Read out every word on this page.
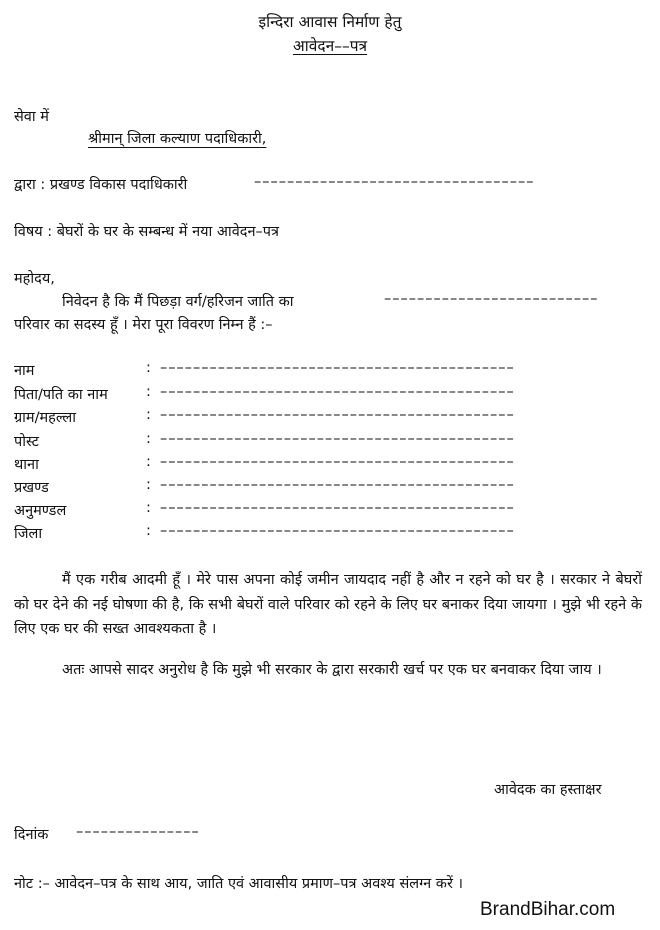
इन्दिरा आवास निर्माण हेतु
आवेदन––पत्र
सेवा में
श्रीमान् जिला कल्याण पदाधिकारी,
द्वारा : प्रखण्ड विकास पदाधिकारी	––––––––––––––––––––––––––––––––––
विषय : बेघरों के घर के सम्बन्ध में नया आवेदन–पत्र
महोदय,
निवेदन है कि मैं पिछड़ा वर्ग/हरिजन जाति का	––––––––––––––––––––––––––
परिवार का सदस्य हूँ । मेरा पूरा विवरण निम्न हैं :–
नाम	: –––––––––––––––––––––––––––––––––––––––––––
पिता/पति का नाम	: –––––––––––––––––––––––––––––––––––––––––––
ग्राम/महल्ला	: –––––––––––––––––––––––––––––––––––––––––––
पोस्ट	: –––––––––––––––––––––––––––––––––––––––––––
थाना	: –––––––––––––––––––––––––––––––––––––––––––
प्रखण्ड	: –––––––––––––––––––––––––––––––––––––––––––
अनुमण्डल	: –––––––––––––––––––––––––––––––––––––––––––
जिला	: –––––––––––––––––––––––––––––––––––––––––––
मैं एक गरीब आदमी हूँ । मेरे पास अपना कोई जमीन जायदाद नहीं है और न रहने को घर है । सरकार ने बेघरों को घर देने की नई घोषणा की है, कि सभी बेघरों वाले परिवार को रहने के लिए घर बनाकर दिया जायगा । मुझे भी रहने के लिए एक घर की सख्त आवश्यकता है ।
अतः आपसे सादर अनुरोध है कि मुझे भी सरकार के द्वारा सरकारी खर्च पर एक घर बनवाकर दिया जाय ।
आवेदक का हस्ताक्षर
दिनांक –––––––––––––––
नोट :– आवेदन–पत्र के साथ आय, जाति एवं आवासीय प्रमाण–पत्र अवश्य संलग्न करें ।
BrandBihar.com
